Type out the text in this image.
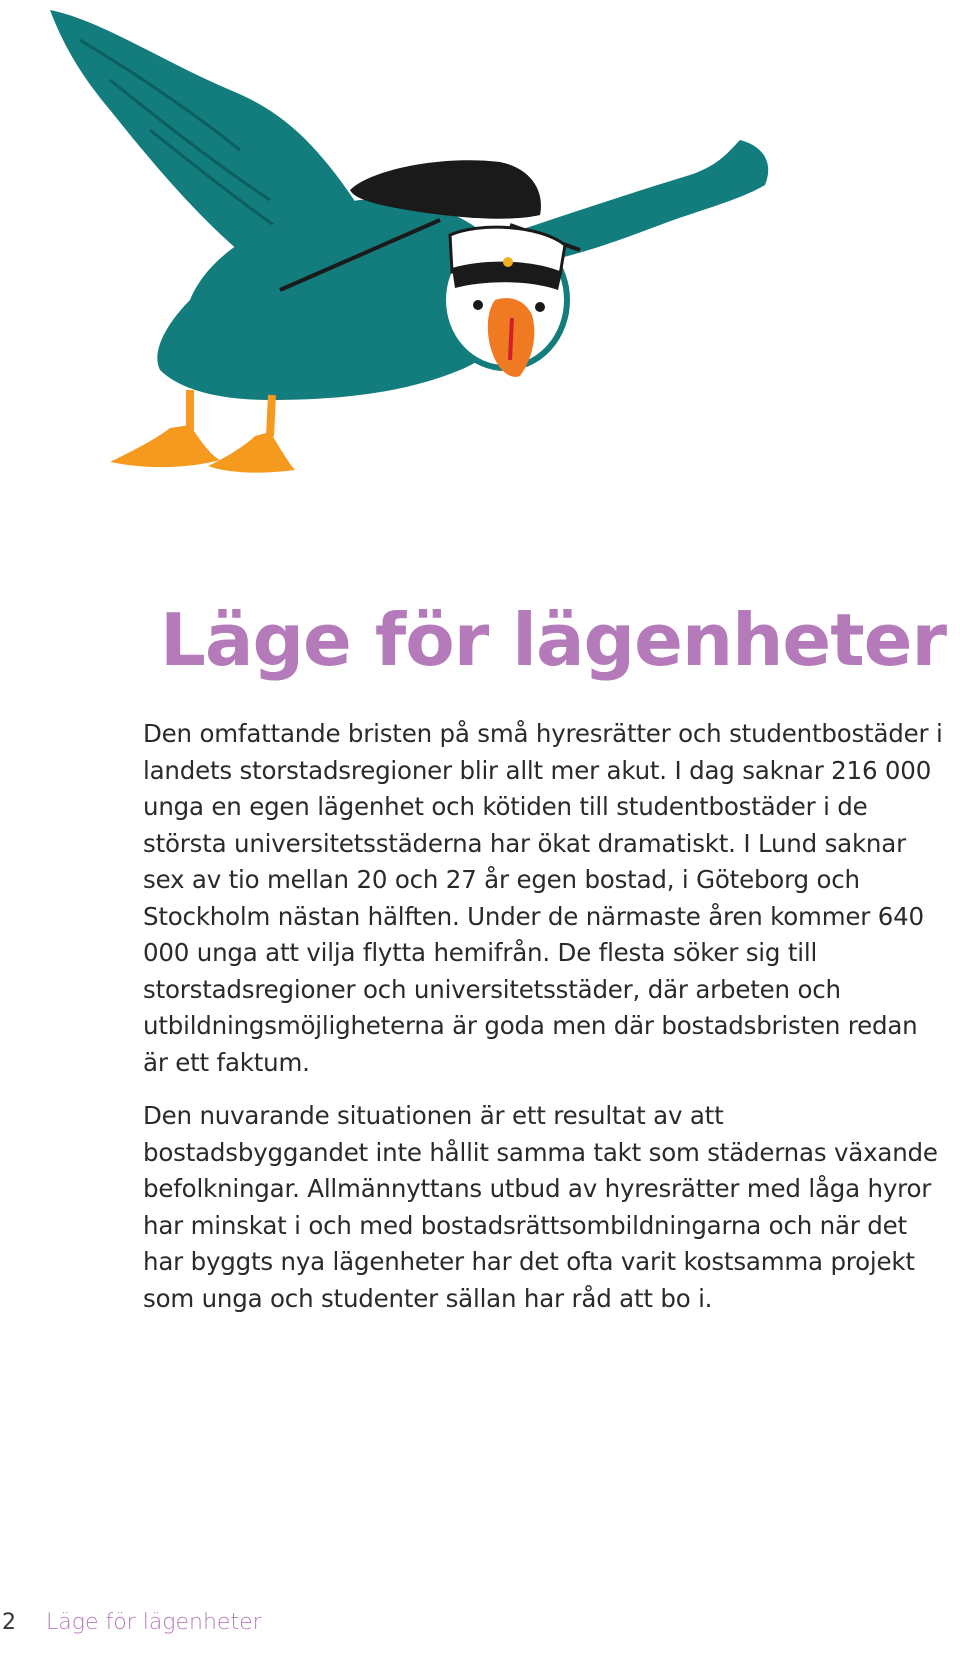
Läge för lägenheter

Den omfattande bristen på små hyresrätter och studentbostäder i landets storstadsregioner blir allt mer akut. I dag saknar 216 000 unga en egen lägenhet och kötiden till studentbostäder i de största universitetsstäderna har ökat dramatiskt. I Lund saknar sex av tio mellan 20 och 27 år egen bostad, i Göteborg och Stockholm nästan hälften. Under de närmaste åren kommer 640 000 unga att vilja flytta hemifrån. De flesta söker sig till storstadsregioner och universitetsstäder, där arbeten och utbildningsmöjligheterna är goda men där bostadsbristen redan är ett faktum.

Den nuvarande situationen är ett resultat av att bostadsbyggandet inte hållit samma takt som städernas växande befolkningar. Allmännyttans utbud av hyresrätter med låga hyror har minskat i och med bostadsrättsombildningarna och när det har byggts nya lägenheter har det ofta varit kostsamma projekt som unga och studenter sällan har råd att bo i.

2 Läge för lägenheter
